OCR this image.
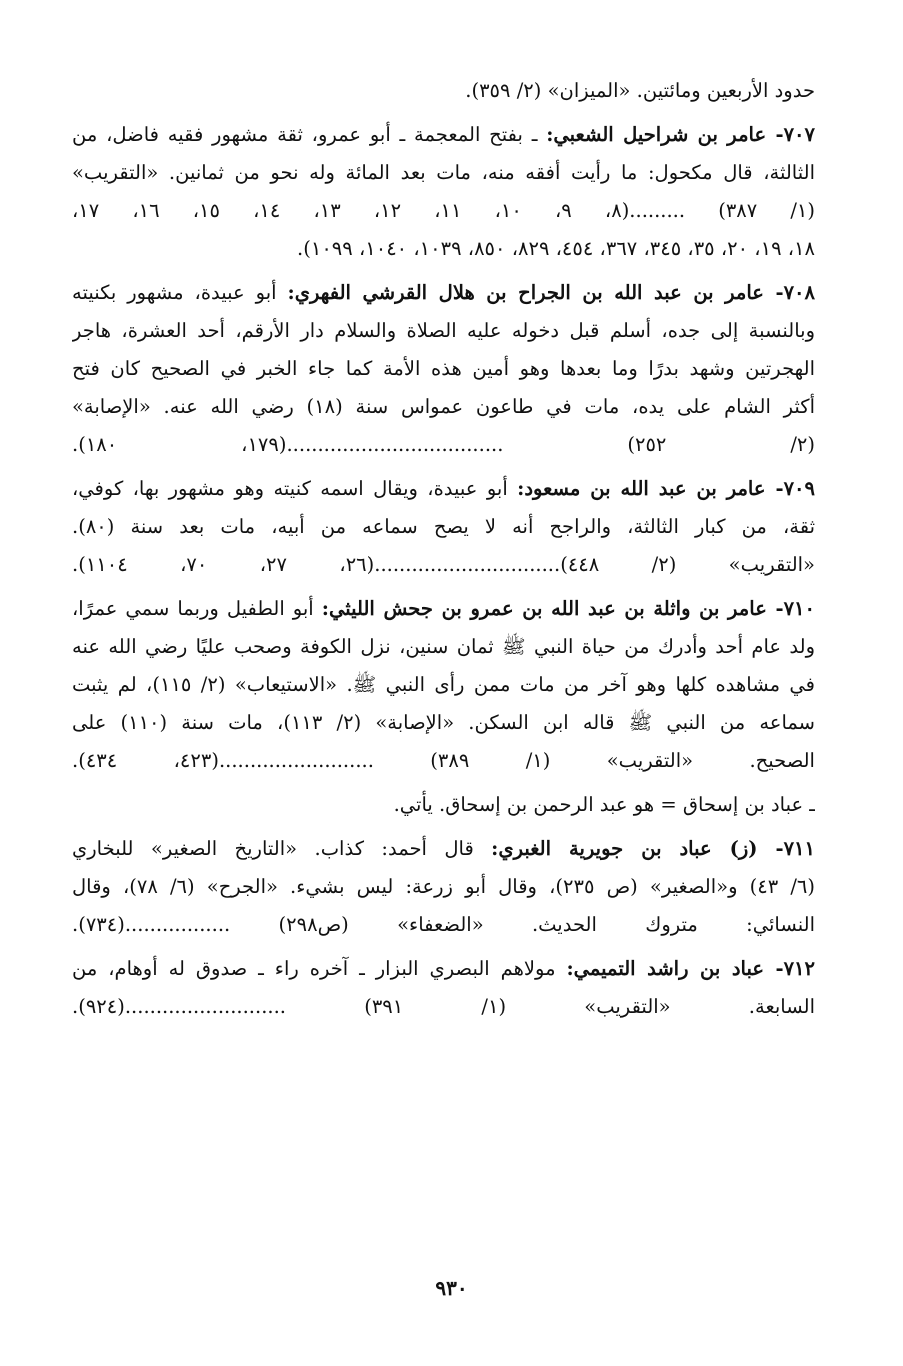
حدود الأربعين ومائتين. «الميزان» (٢/ ٣٥٩).
٧٠٧- عامر بن شراحيل الشعبي: ـ بفتح المعجمة ـ أبو عمرو، ثقة مشهور فقيه فاضل، من
الثالثة، قال مكحول: ما رأيت أفقه منه، مات بعد المائة وله نحو من ثمانين. «التقريب»
(١/ ٣٨٧) .........(٨، ٩، ١٠، ١١، ١٢، ١٣، ١٤، ١٥، ١٦، ١٧،
١٨، ١٩، ٢٠، ٣٥، ٣٤٥، ٣٦٧، ٤٥٤، ٨٢٩، ٨٥٠، ١٠٣٩، ١٠٤٠، ١٠٩٩).
٧٠٨- عامر بن عبد الله بن الجراح بن هلال القرشي الفهري: أبو عبيدة، مشهور بكنيته
وبالنسبة إلى جده، أسلم قبل دخوله عليه الصلاة والسلام دار الأرقم، أحد العشرة، هاجر
الهجرتين وشهد بدرًا وما بعدها وهو أمين هذه الأمة كما جاء الخبر في الصحيح كان فتح
أكثر الشام على يده، مات في طاعون عمواس سنة (١٨) رضي الله عنه. «الإصابة»
(٢/ ٢٥٢) ...................................(١٧٩، ١٨٠).
٧٠٩- عامر بن عبد الله بن مسعود: أبو عبيدة، ويقال اسمه كنيته وهو مشهور بها، كوفي،
ثقة، من كبار الثالثة، والراجح أنه لا يصح سماعه من أبيه، مات بعد سنة (٨٠).
«التقريب» (٢/ ٤٤٨)..............................(٢٦، ٢٧، ٧٠، ١١٠٤).
٧١٠- عامر بن واثلة بن عبد الله بن عمرو بن جحش الليثي: أبو الطفيل وربما سمي عمرًا،
ولد عام أحد وأدرك من حياة النبي ﷺ ثمان سنين، نزل الكوفة وصحب عليًا رضي الله عنه
في مشاهده كلها وهو آخر من مات ممن رأى النبي ﷺ. «الاستيعاب» (٢/ ١١٥)، لم يثبت
سماعه من النبي ﷺ قاله ابن السكن. «الإصابة» (٢/ ١١٣)، مات سنة (١١٠) على
الصحيح. «التقريب» (١/ ٣٨٩) .........................(٤٢٣، ٤٣٤).
ـ عباد بن إسحاق = هو عبد الرحمن بن إسحاق. يأتي.
٧١١- (ز) عباد بن جويرية الغبري: قال أحمد: كذاب. «التاريخ الصغير» للبخاري
(٦/ ٤٣) و«الصغير» (ص ٢٣٥)، وقال أبو زرعة: ليس بشيء. «الجرح» (٦/ ٧٨)، وقال
النسائي: متروك الحديث. «الضعفاء» (ص٢٩٨) .................(٧٣٤).
٧١٢- عباد بن راشد التميمي: مولاهم البصري البزار ـ آخره راء ـ صدوق له أوهام، من
السابعة. «التقريب» (١/ ٣٩١) ..........................(٩٢٤).
٩٣٠
